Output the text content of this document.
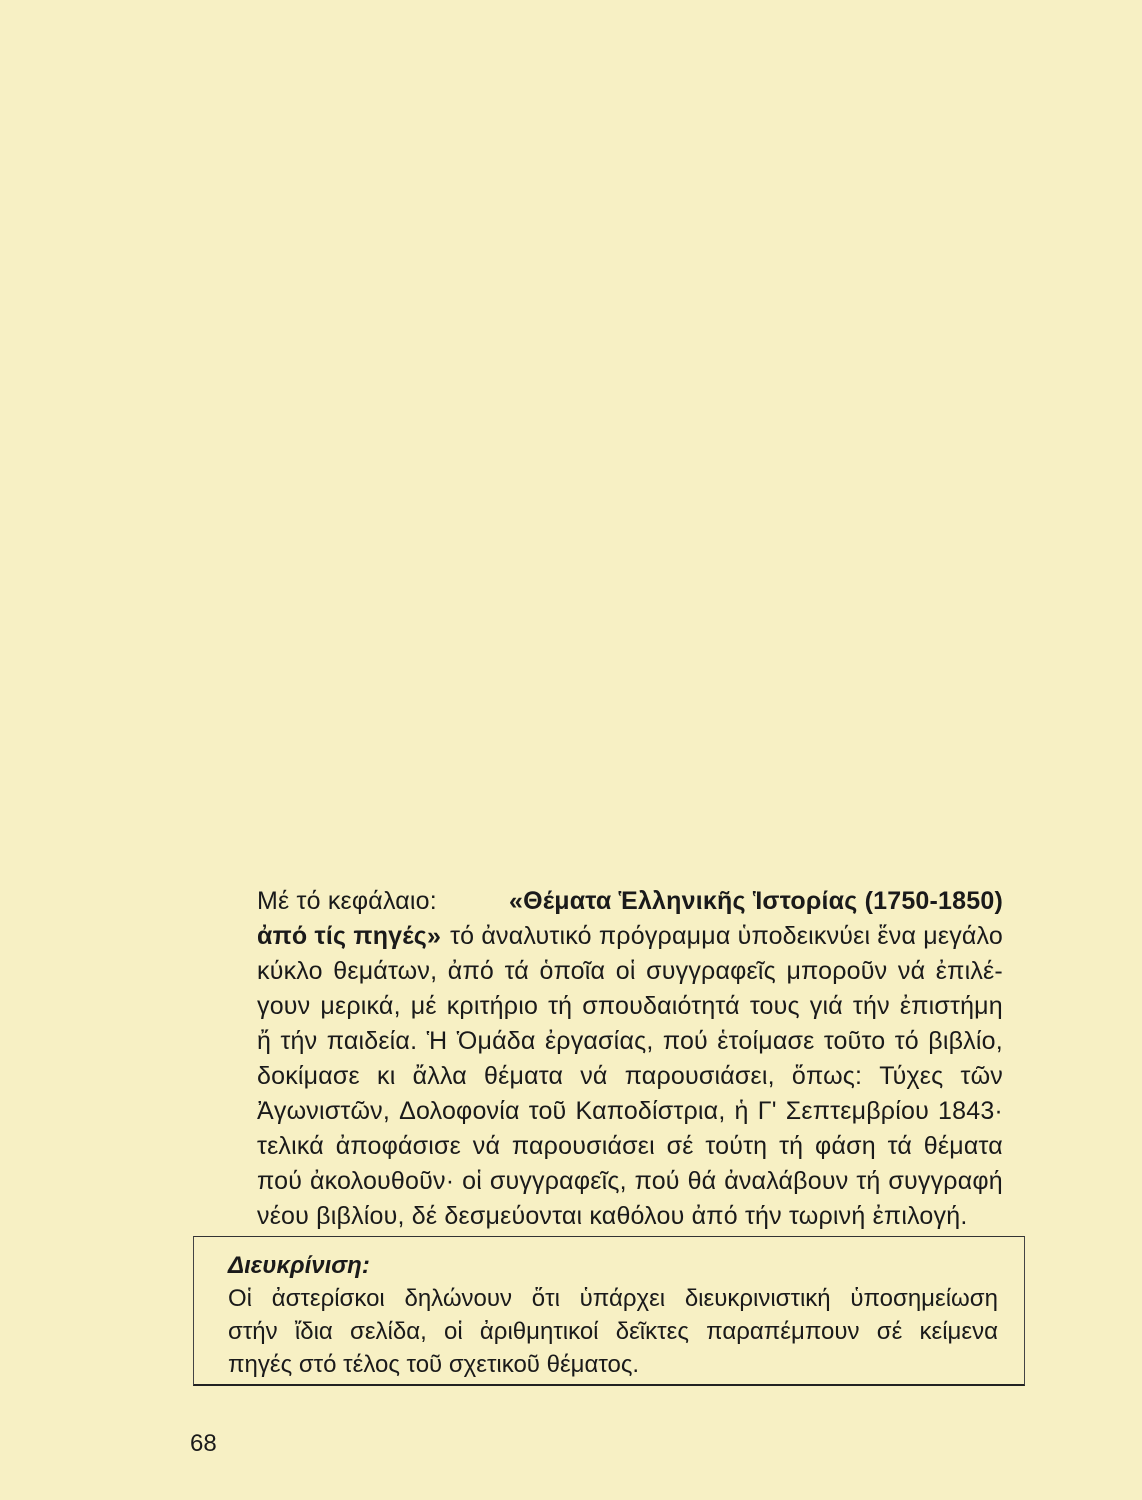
Μέ τό κεφάλαιο:	«Θέματα Ἑλληνικῆς Ἱστορίας (1750-1850)
ἀπό τίς πηγές» τό ἀναλυτικό πρόγραμμα ὑποδεικνύει ἕνα μεγάλο
κύκλο θεμάτων, ἀπό τά ὁποῖα οἱ συγγραφεῖς μποροῦν νά ἐπιλέ-
γουν μερικά, μέ κριτήριο τή σπουδαιότητά τους γιά τήν ἐπιστήμη
ἤ τήν παιδεία. Ἡ Ὁμάδα ἐργασίας, πού ἑτοίμασε τοῦτο τό βιβλίο,
δοκίμασε κι ἄλλα θέματα νά παρουσιάσει, ὅπως: Τύχες τῶν
Ἀγωνιστῶν, Δολοφονία τοῦ Καποδίστρια, ἡ Γ' Σεπτεμβρίου 1843·
τελικά ἀποφάσισε νά παρουσιάσει σέ τούτη τή φάση τά θέματα
πού ἀκολουθοῦν· οἱ συγγραφεῖς, πού θά ἀναλάβουν τή συγγραφή
νέου βιβλίου, δέ δεσμεύονται καθόλου ἀπό τήν τωρινή ἐπιλογή.
Διευκρίνιση:
Οἱ ἀστερίσκοι δηλώνουν ὅτι ὑπάρχει διευκρινιστική ὑποσημείωση
στήν ἴδια σελίδα, οἱ ἀριθμητικοί δεῖκτες παραπέμπουν σέ κείμενα
πηγές στό τέλος τοῦ σχετικοῦ θέματος.
68
